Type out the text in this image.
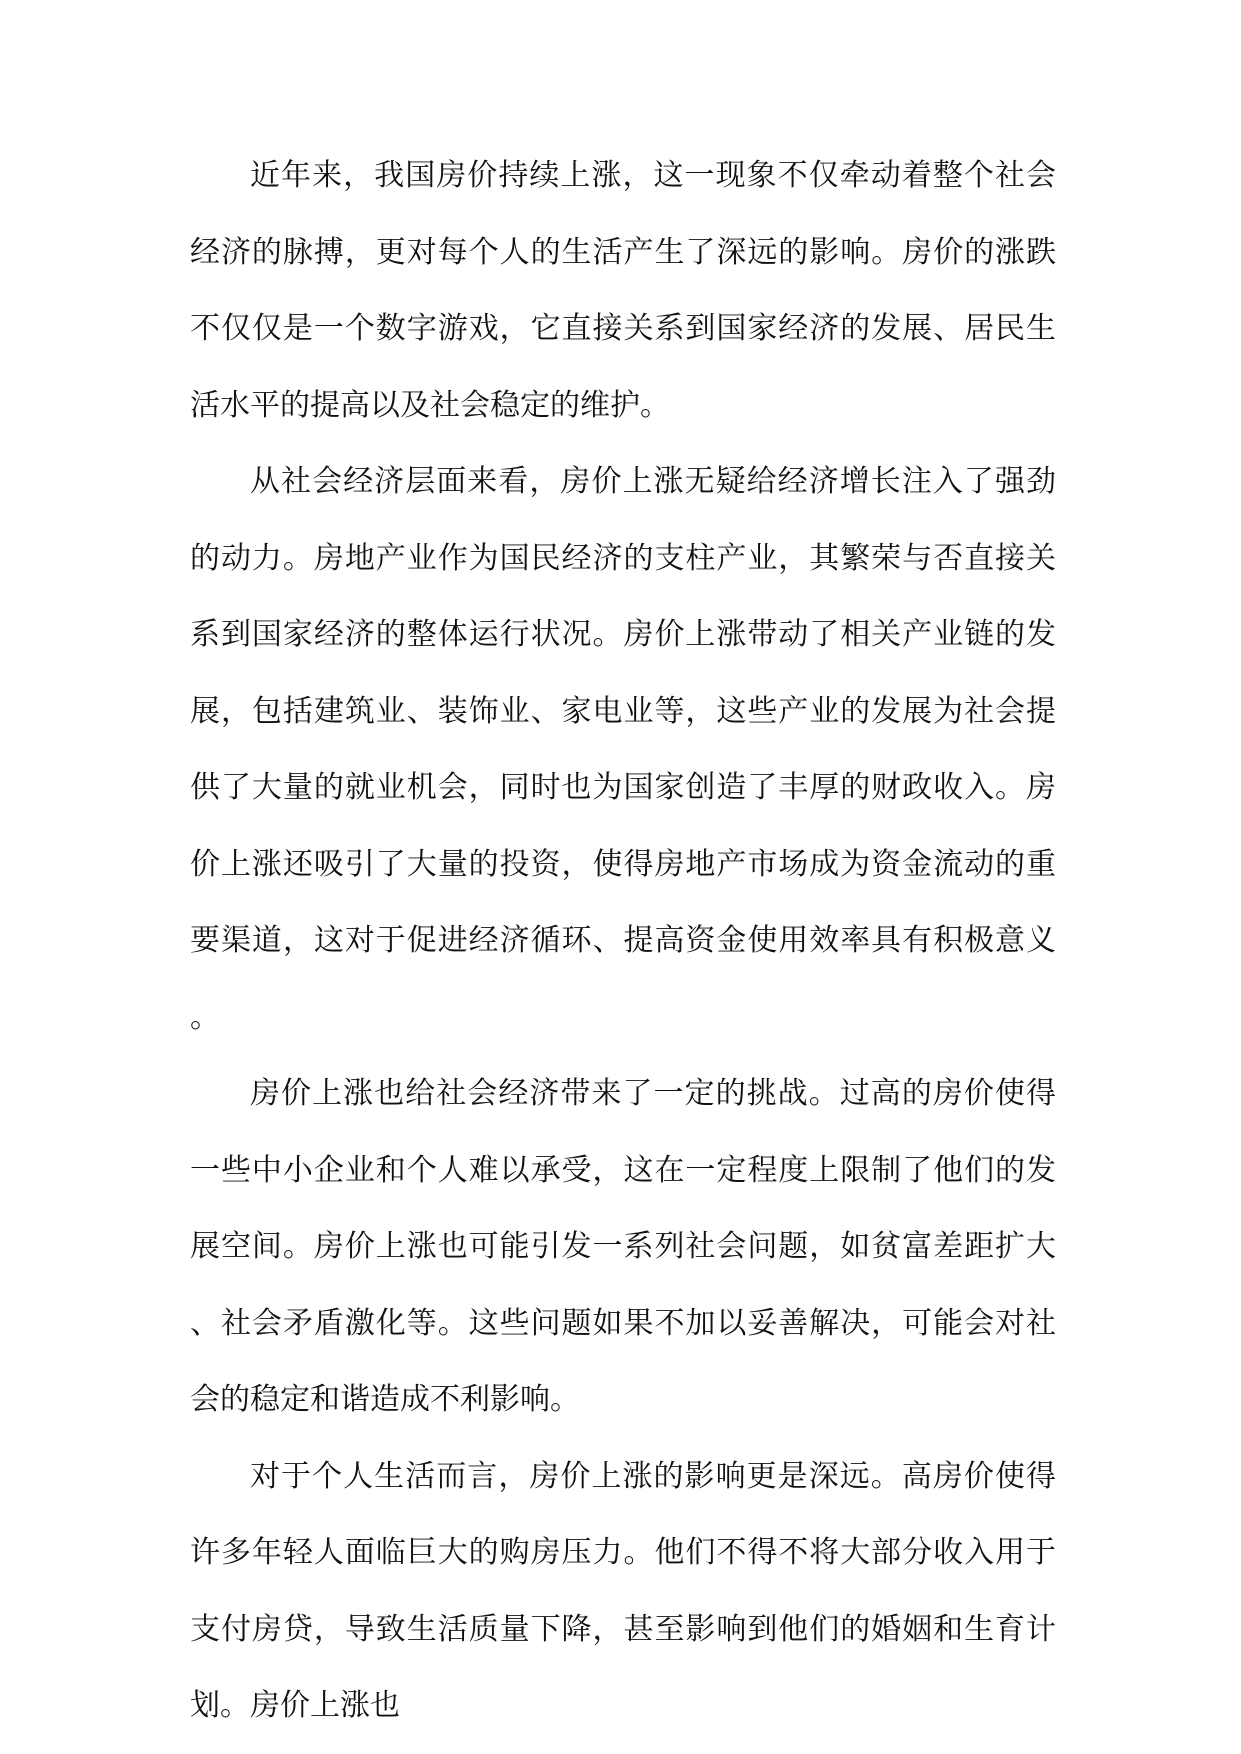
近年来，我国房价持续上涨，这一现象不仅牵动着整个社会经济的脉搏，更对每个人的生活产生了深远的影响。房价的涨跌不仅仅是一个数字游戏，它直接关系到国家经济的发展、居民生活水平的提高以及社会稳定的维护。

从社会经济层面来看，房价上涨无疑给经济增长注入了强劲的动力。房地产业作为国民经济的支柱产业，其繁荣与否直接关系到国家经济的整体运行状况。房价上涨带动了相关产业链的发展，包括建筑业、装饰业、家电业等，这些产业的发展为社会提供了大量的就业机会，同时也为国家创造了丰厚的财政收入。房价上涨还吸引了大量的投资，使得房地产市场成为资金流动的重要渠道，这对于促进经济循环、提高资金使用效率具有积极意义。

房价上涨也给社会经济带来了一定的挑战。过高的房价使得一些中小企业和个人难以承受，这在一定程度上限制了他们的发展空间。房价上涨也可能引发一系列社会问题，如贫富差距扩大、社会矛盾激化等。这些问题如果不加以妥善解决，可能会对社会的稳定和谐造成不利影响。

对于个人生活而言，房价上涨的影响更是深远。高房价使得许多年轻人面临巨大的购房压力。他们不得不将大部分收入用于支付房贷，导致生活质量下降，甚至影响到他们的婚姻和生育计划。房价上涨也
